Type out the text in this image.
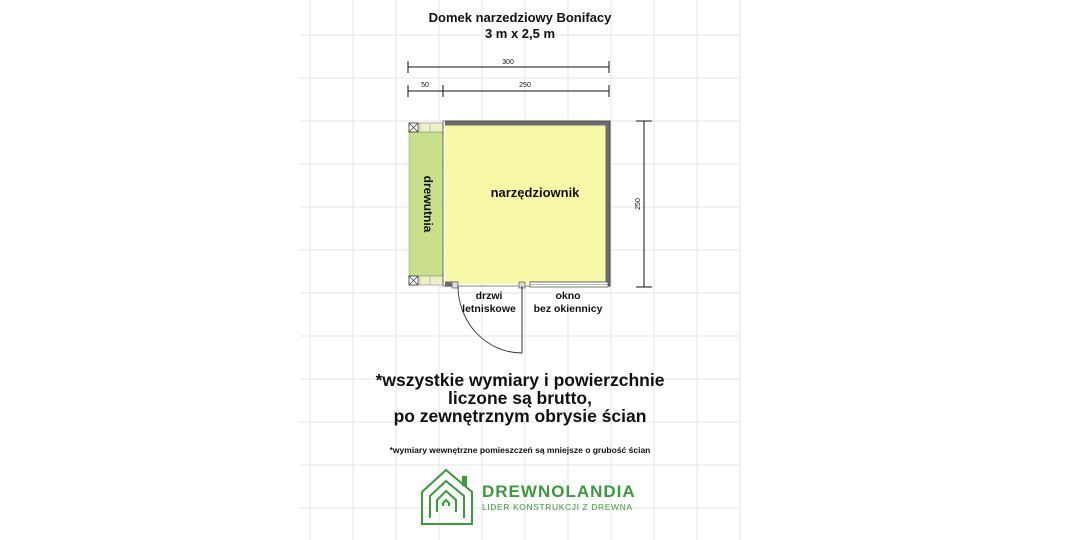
300
50	250
250
drewutnia	narzędziownik
drzwi
letniskowe
okno
bez okiennicy
Domek narzedziowy Bonifacy
3 m x 2,5 m
*wszystkie wymiary i powierzchnie
liczone są brutto,
po zewnętrznym obrysie ścian
*wymiary wewnętrzne pomieszczeń są mniejsze o grubość ścian
DREWNOLANDIA
LIDER KONSTRUKCJI Z DREWNA
